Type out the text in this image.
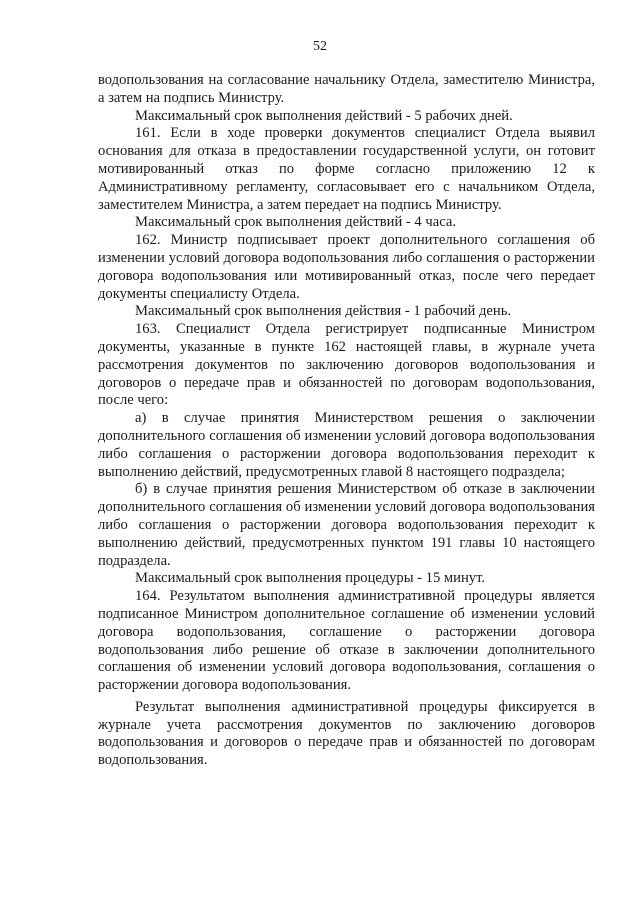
52

водопользования на согласование начальнику Отдела, заместителю Министра, а затем на подпись Министру.

Максимальный срок выполнения действий - 5 рабочих дней.

161. Если в ходе проверки документов специалист Отдела выявил основания для отказа в предоставлении государственной услуги, он готовит мотивированный отказ по форме согласно приложению 12 к Административному регламенту, согласовывает его с начальником Отдела, заместителем Министра, а затем передает на подпись Министру.

Максимальный срок выполнения действий - 4 часа.

162. Министр подписывает проект дополнительного соглашения об изменении условий договора водопользования либо соглашения о расторжении договора водопользования или мотивированный отказ, после чего передает документы специалисту Отдела.

Максимальный срок выполнения действия - 1 рабочий день.

163. Специалист Отдела регистрирует подписанные Министром документы, указанные в пункте 162 настоящей главы, в журнале учета рассмотрения документов по заключению договоров водопользования и договоров о передаче прав и обязанностей по договорам водопользования, после чего:

а) в случае принятия Министерством решения о заключении дополнительного соглашения об изменении условий договора водопользования либо соглашения о расторжении договора водопользования переходит к выполнению действий, предусмотренных главой 8 настоящего подраздела;

б) в случае принятия решения Министерством об отказе в заключении дополнительного соглашения об изменении условий договора водопользования либо соглашения о расторжении договора водопользования переходит к выполнению действий, предусмотренных пунктом 191 главы 10 настоящего подраздела.

Максимальный срок выполнения процедуры - 15 минут.

164. Результатом выполнения административной процедуры является подписанное Министром дополнительное соглашение об изменении условий договора водопользования, соглашение о расторжении договора водопользования либо решение об отказе в заключении дополнительного соглашения об изменении условий договора водопользования, соглашения о расторжении договора водопользования.

Результат выполнения административной процедуры фиксируется в журнале учета рассмотрения документов по заключению договоров водопользования и договоров о передаче прав и обязанностей по договорам водопользования.
